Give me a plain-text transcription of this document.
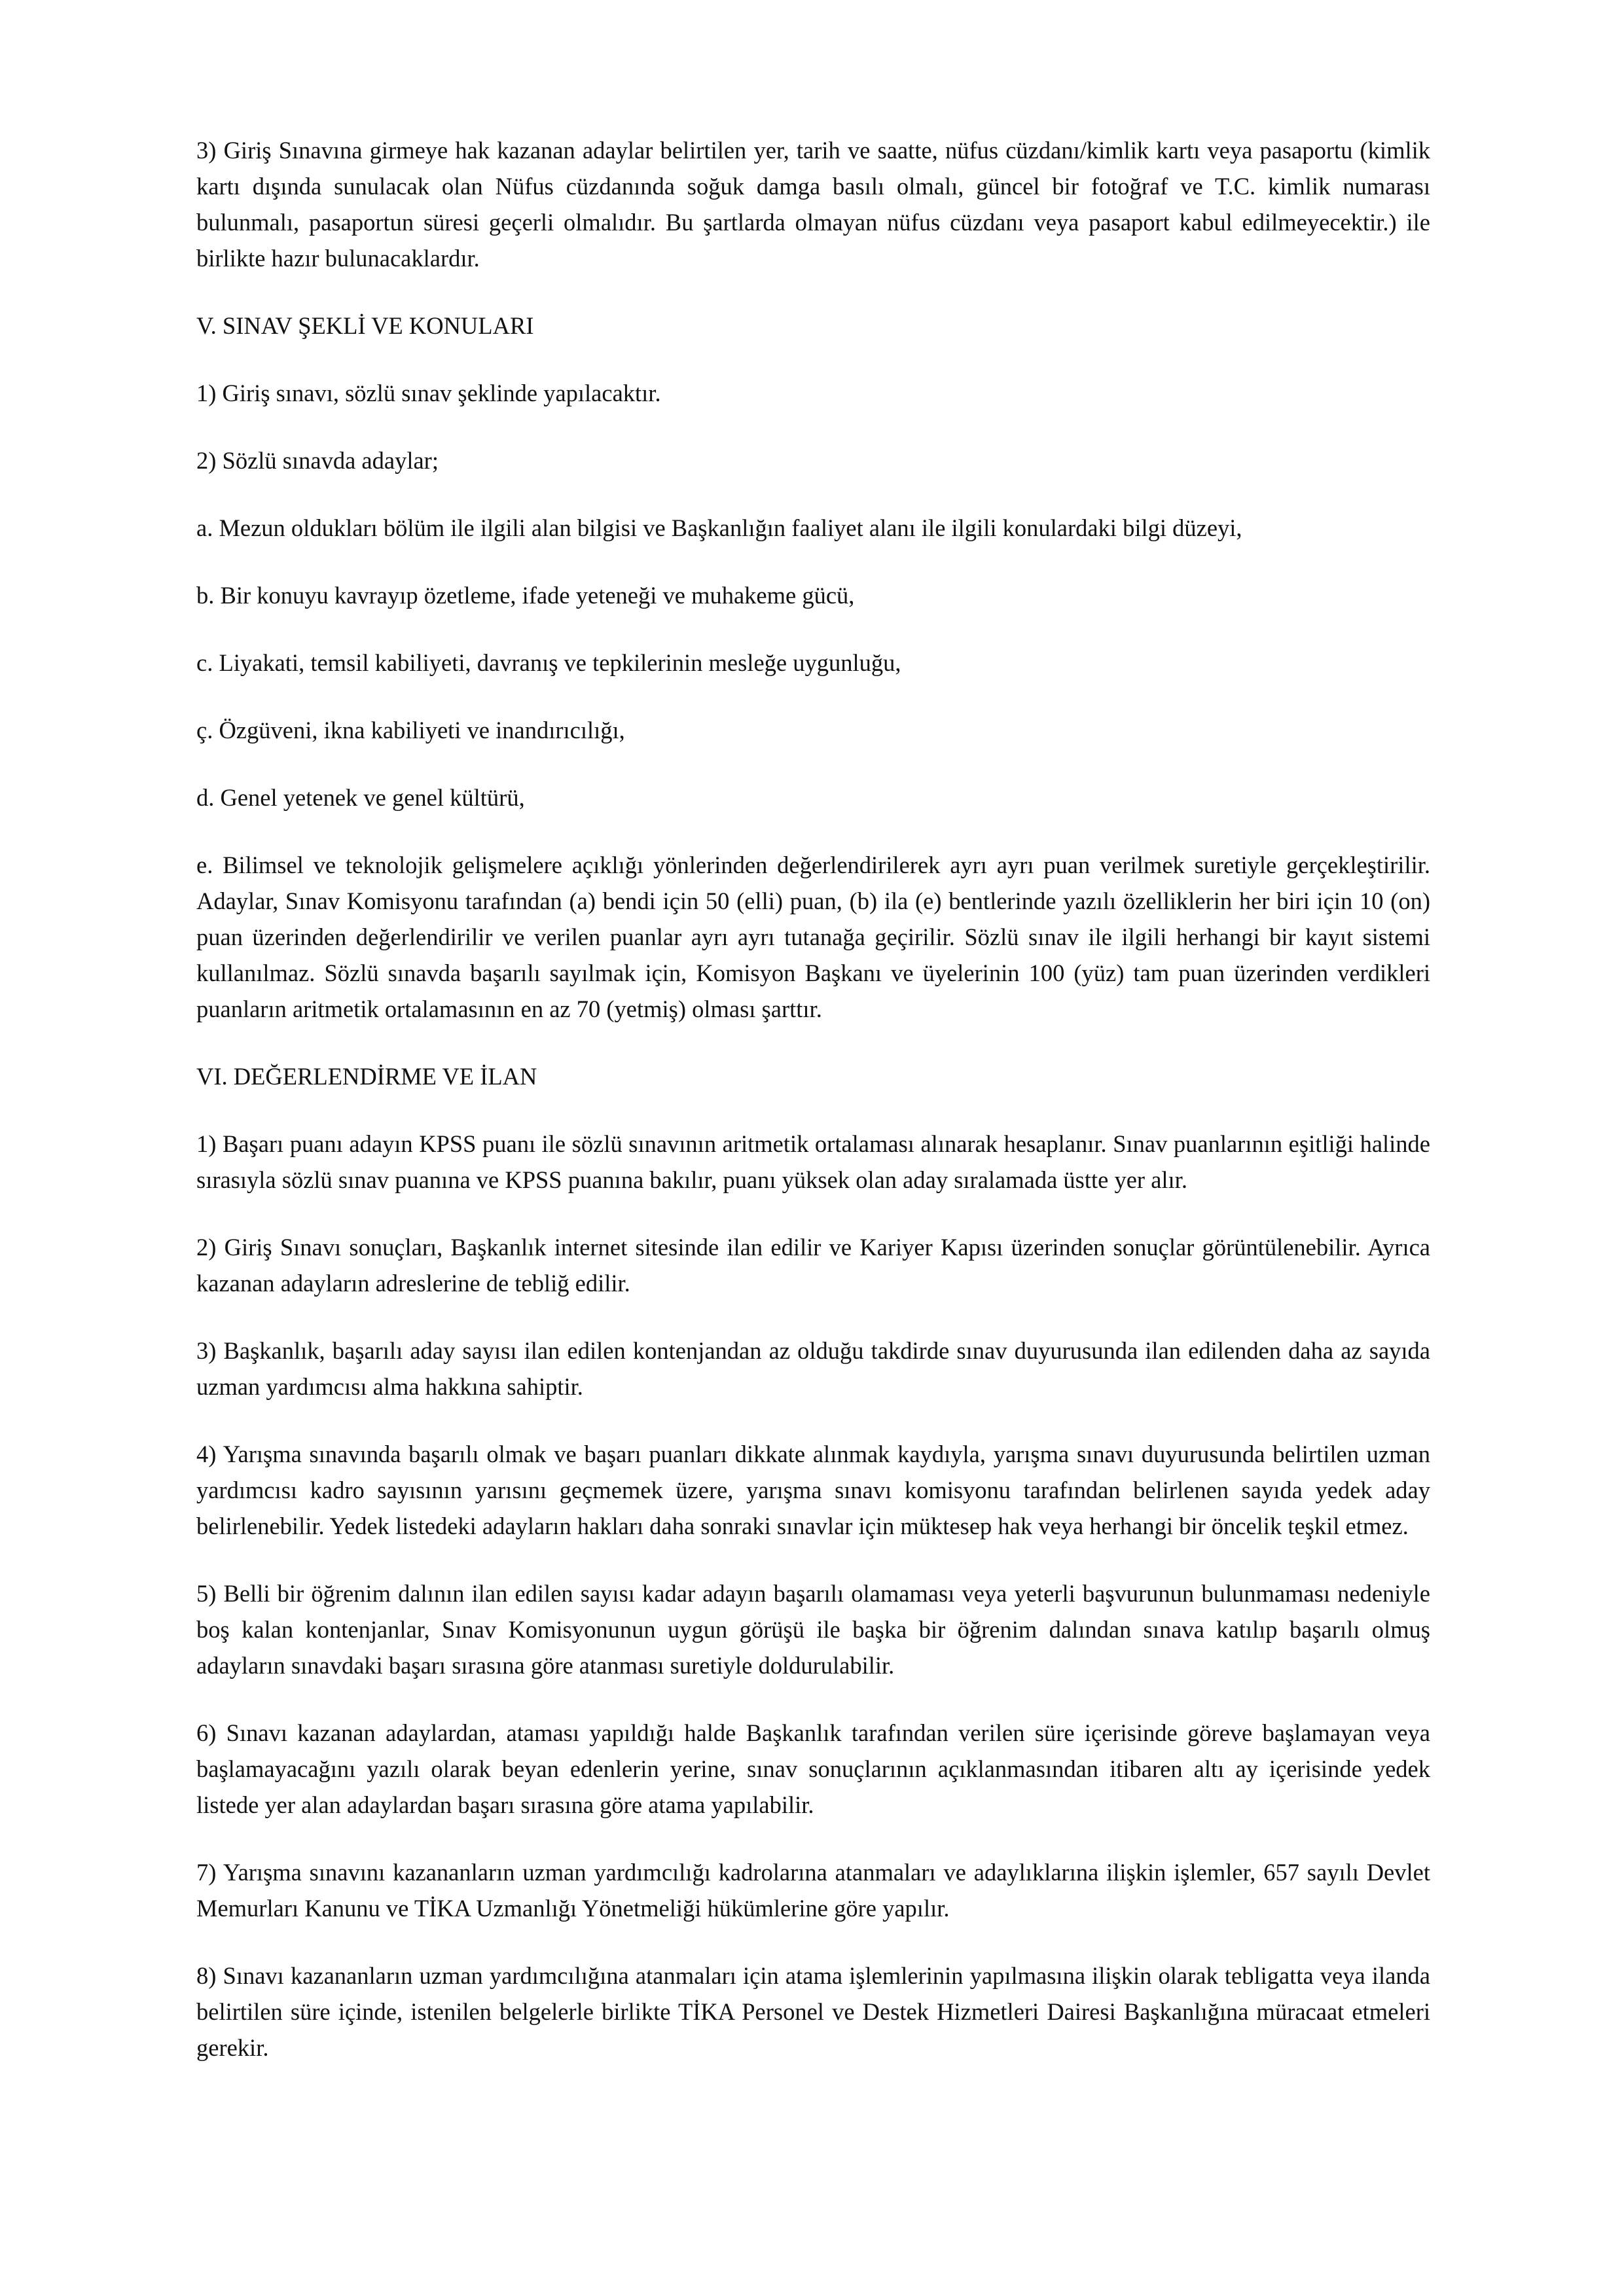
3) Giriş Sınavına girmeye hak kazanan adaylar belirtilen yer, tarih ve saatte, nüfus cüzdanı/kimlik kartı veya pasaportu (kimlik kartı dışında sunulacak olan Nüfus cüzdanında soğuk damga basılı olmalı, güncel bir fotoğraf ve T.C. kimlik numarası bulunmalı, pasaportun süresi geçerli olmalıdır. Bu şartlarda olmayan nüfus cüzdanı veya pasaport kabul edilmeyecektir.) ile birlikte hazır bulunacaklardır.

V. SINAV ŞEKLİ VE KONULARI

1) Giriş sınavı, sözlü sınav şeklinde yapılacaktır.

2) Sözlü sınavda adaylar;

a. Mezun oldukları bölüm ile ilgili alan bilgisi ve Başkanlığın faaliyet alanı ile ilgili konulardaki bilgi düzeyi,

b. Bir konuyu kavrayıp özetleme, ifade yeteneği ve muhakeme gücü,

c. Liyakati, temsil kabiliyeti, davranış ve tepkilerinin mesleğe uygunluğu,

ç. Özgüveni, ikna kabiliyeti ve inandırıcılığı,

d. Genel yetenek ve genel kültürü,

e. Bilimsel ve teknolojik gelişmelere açıklığı yönlerinden değerlendirilerek ayrı ayrı puan verilmek suretiyle gerçekleştirilir. Adaylar, Sınav Komisyonu tarafından (a) bendi için 50 (elli) puan, (b) ila (e) bentlerinde yazılı özelliklerin her biri için 10 (on) puan üzerinden değerlendirilir ve verilen puanlar ayrı ayrı tutanağa geçirilir. Sözlü sınav ile ilgili herhangi bir kayıt sistemi kullanılmaz. Sözlü sınavda başarılı sayılmak için, Komisyon Başkanı ve üyelerinin 100 (yüz) tam puan üzerinden verdikleri puanların aritmetik ortalamasının en az 70 (yetmiş) olması şarttır.

VI. DEĞERLENDİRME VE İLAN

1) Başarı puanı adayın KPSS puanı ile sözlü sınavının aritmetik ortalaması alınarak hesaplanır. Sınav puanlarının eşitliği halinde sırasıyla sözlü sınav puanına ve KPSS puanına bakılır, puanı yüksek olan aday sıralamada üstte yer alır.

2) Giriş Sınavı sonuçları, Başkanlık internet sitesinde ilan edilir ve Kariyer Kapısı üzerinden sonuçlar görüntülenebilir. Ayrıca kazanan adayların adreslerine de tebliğ edilir.

3) Başkanlık, başarılı aday sayısı ilan edilen kontenjandan az olduğu takdirde sınav duyurusunda ilan edilenden daha az sayıda uzman yardımcısı alma hakkına sahiptir.

4) Yarışma sınavında başarılı olmak ve başarı puanları dikkate alınmak kaydıyla, yarışma sınavı duyurusunda belirtilen uzman yardımcısı kadro sayısının yarısını geçmemek üzere, yarışma sınavı komisyonu tarafından belirlenen sayıda yedek aday belirlenebilir. Yedek listedeki adayların hakları daha sonraki sınavlar için müktesep hak veya herhangi bir öncelik teşkil etmez.

5) Belli bir öğrenim dalının ilan edilen sayısı kadar adayın başarılı olamaması veya yeterli başvurunun bulunmaması nedeniyle boş kalan kontenjanlar, Sınav Komisyonunun uygun görüşü ile başka bir öğrenim dalından sınava katılıp başarılı olmuş adayların sınavdaki başarı sırasına göre atanması suretiyle doldurulabilir.

6) Sınavı kazanan adaylardan, ataması yapıldığı halde Başkanlık tarafından verilen süre içerisinde göreve başlamayan veya başlamayacağını yazılı olarak beyan edenlerin yerine, sınav sonuçlarının açıklanmasından itibaren altı ay içerisinde yedek listede yer alan adaylardan başarı sırasına göre atama yapılabilir.

7) Yarışma sınavını kazananların uzman yardımcılığı kadrolarına atanmaları ve adaylıklarına ilişkin işlemler, 657 sayılı Devlet Memurları Kanunu ve TİKA Uzmanlığı Yönetmeliği hükümlerine göre yapılır.

8) Sınavı kazananların uzman yardımcılığına atanmaları için atama işlemlerinin yapılmasına ilişkin olarak tebligatta veya ilanda belirtilen süre içinde, istenilen belgelerle birlikte TİKA Personel ve Destek Hizmetleri Dairesi Başkanlığına müracaat etmeleri gerekir.
